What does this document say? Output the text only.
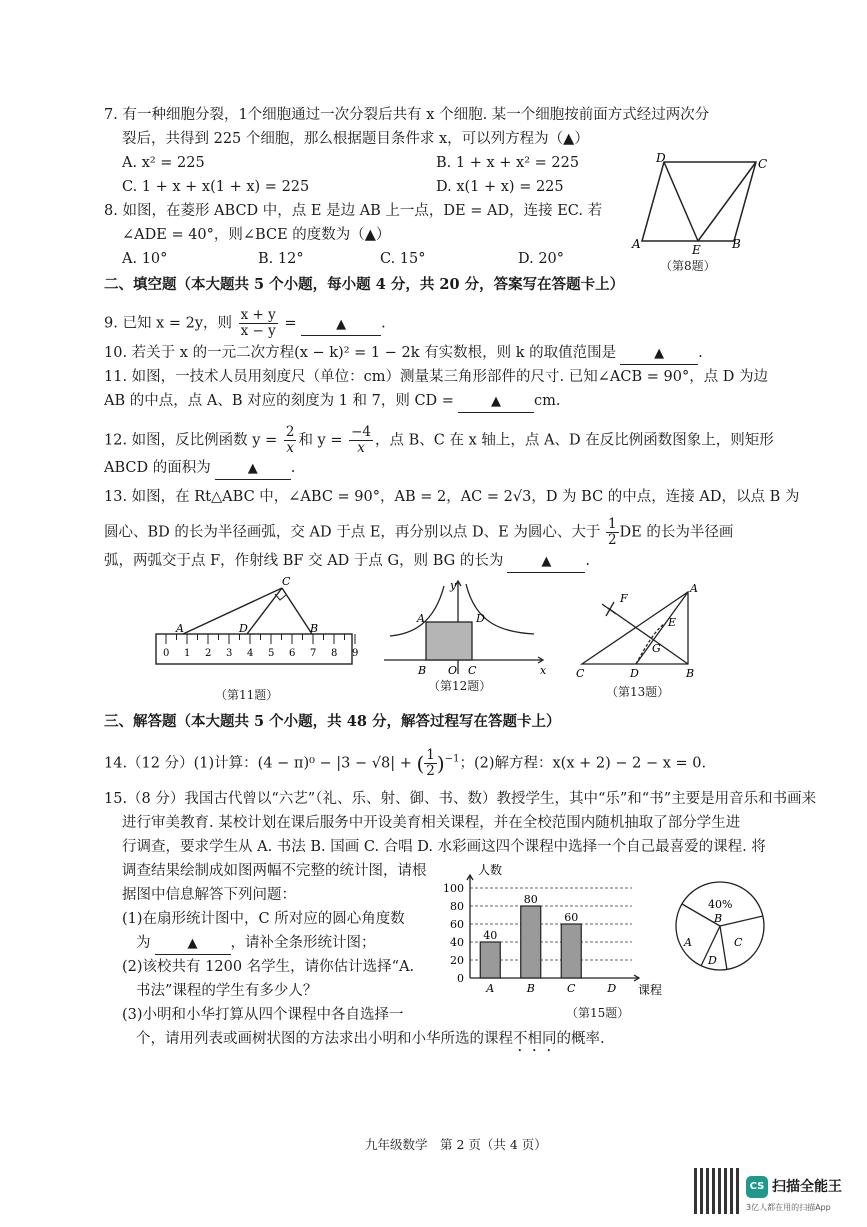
7. 有一种细胞分裂，1个细胞通过一次分裂后共有 x 个细胞. 某一个细胞按前面方式经过两次分
裂后，共得到 225 个细胞，那么根据题目条件求 x，可以列方程为（▲）
A. x² = 225	B. 1 + x + x² = 225
C. 1 + x + x(1 + x) = 225	D. x(1 + x) = 225
8. 如图，在菱形 ABCD 中，点 E 是边 AB 上一点，DE = AD，连接 EC. 若
∠ADE = 40°，则∠BCE 的度数为（▲）
A. 10°	B. 12°	C. 15°	D. 20°
A	B
C
D
E
（第8题）
二、填空题（本大题共 5 个小题，每小题 4 分，共 20 分，答案写在答题卡上）
9. 已知 x = 2y，则 $\frac{x + y}{x - y}$ =	▲ .
10. 若关于 x 的一元二次方程(x − k)² = 1 − 2k 有实数根，则 k 的取值范围是	▲ .
11. 如图，一技术人员用刻度尺（单位：cm）测量某三角形部件的尺寸. 已知∠ACB = 90°，点 D 为边
AB 的中点，点 A、B 对应的刻度为 1 和 7，则 CD =	▲ cm.
12. 如图，反比例函数 $y = \frac{2}{x}$ 和 $y = \frac{-4}{x}$ ，点 B、C 在 x 轴上，点 A、D 在反比例函数图象上，则矩形
ABCD 的面积为	▲ .
13. 如图，在 Rt△ABC 中，∠ABC = 90°，AB = 2，AC = 2√3，D 为 BC 的中点，连接 AD，以点 B 为
圆心、BD 的长为半径画弧，交 AD 于点 E，再分别以点 D、E 为圆心、大于 $\frac{1}{2}$ DE 的长为半径画
弧，两弧交于点 F，作射线 BF 交 AD 于点 G，则 BG 的长为	▲ .
0 1 2 3 4 5 6 7 8 9
A	B
C
D
（第11题）
A
B	C
D
O	x
y
（第12题）
A
B
C	D
E
F
G
（第13题）
三、解答题（本大题共 5 个小题，共 48 分，解答过程写在答题卡上）
14.（12 分）(1)计算：(4 − π)⁰ − |3 − √8| + ( $\frac{1}{2} )^{-1}$；(2)解方程：x(x + 2) − 2 − x = 0.
15.（8 分）我国古代曾以“六艺”（礼、乐、射、御、书、数）教授学生，其中“乐”和“书”主要是用音乐和书画来
进行审美教育. 某校计划在课后服务中开设美育相关课程，并在全校范围内随机抽取了部分学生进
行调查，要求学生从 A. 书法 B. 国画 C. 合唱 D. 水彩画这四个课程中选择一个自己最喜爱的课程. 将
调查结果绘制成如图两幅不完整的统计图，请根
据图中信息解答下列问题：
(1)在扇形统计图中，C 所对应的圆心角度数
为	▲ ，请补全条形统计图；
(2)该校共有 1200 名学生，请你估计选择“A.
书法”课程的学生有多少人？
(3)小明和小华打算从四个课程中各自选择一
个，请用列表或画树状图的方法求出小明和小华所选的课程不相同的概率.
0
20
40
60
80
100
A
40
B
80
C
60
D
人数
课程
（第15题）
40%
B
A	C
D
九年级数学　第 2 页（共 4 页）
CS 扫描全能王
3亿人都在用的扫描App
